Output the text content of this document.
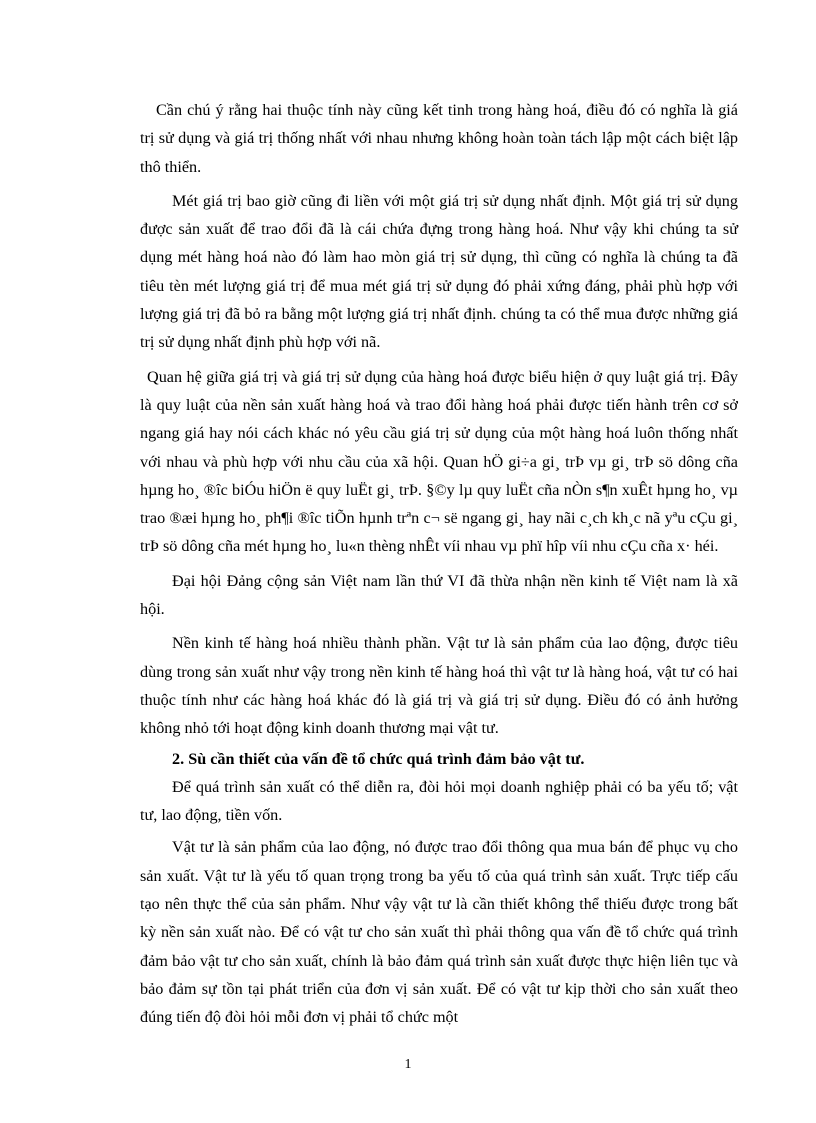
Cần chú ý rằng hai thuộc tính này cũng kết tinh trong hàng hoá, điều đó có nghĩa là giá trị sử dụng và giá trị thống nhất với nhau nhưng không hoàn toàn tách lập một cách biệt lập thô thiển.

Mét giá trị bao giờ cũng đi liền với một giá trị sử dụng nhất định. Một giá trị sử dụng được sản xuất để trao đổi đã là cái chứa đựng trong hàng hoá. Như vậy khi chúng ta sử dụng mét hàng hoá nào đó làm hao mòn giá trị sử dụng, thì cũng có nghĩa là chúng ta đã tiêu tèn mét lượng giá trị để mua mét giá trị sử dụng đó phải xứng đáng, phải phù hợp với lượng giá trị đã bỏ ra bằng một lượng giá trị nhất định. chúng ta có thể mua được những giá trị sử dụng nhất định phù hợp với nã.

Quan hệ giữa giá trị và giá trị sử dụng của hàng hoá được biểu hiện ở quy luật giá trị. Đây là quy luật của nền sản xuất hàng hoá và trao đổi hàng hoá phải được tiến hành trên cơ sở ngang giá hay nói cách khác nó yêu cầu giá trị sử dụng của một hàng hoá luôn thống nhất với nhau và phù hợp với nhu cầu của xã hội. Quan hÖ gi÷a gi¸ trÞ vµ gi¸ trÞ sö dông cña hµng ho¸ ®îc biÓu hiÖn ë quy luËt gi¸ trÞ. §©y lµ quy luËt cña nÒn s¶n xuÊt hµng ho¸ vµ trao ®æi hµng ho¸ ph¶i ®îc tiÕn hµnh trªn c¬ së ngang gi¸ hay nãi c¸ch kh¸c nã yªu cÇu gi¸ trÞ sö dông cña mét hµng ho¸ lu«n thèng nhÊt víi nhau vµ phï hîp víi nhu cÇu cña x· héi.

Đại hội Đảng cộng sản Việt nam lần thứ VI đã thừa nhận nền kinh tế Việt nam là xã hội.

Nền kinh tế hàng hoá nhiều thành phần. Vật tư là sản phẩm của lao động, được tiêu dùng trong sản xuất như vậy trong nền kinh tế hàng hoá thì vật tư là hàng hoá, vật tư có hai thuộc tính như các hàng hoá khác đó là giá trị và giá trị sử dụng. Điều đó có ảnh hưởng không nhỏ tới hoạt động kinh doanh thương mại vật tư.

2. Sù cần thiết của vấn đề tổ chức quá trình đảm bảo vật tư.

Để quá trình sản xuất có thể diễn ra, đòi hỏi mọi doanh nghiệp phải có ba yếu tố; vật tư, lao động, tiền vốn.

Vật tư là sản phẩm của lao động, nó được trao đổi thông qua mua bán để phục vụ cho sản xuất. Vật tư là yếu tố quan trọng trong ba yếu tố của quá trình sản xuất. Trực tiếp cấu tạo nên thực thể của sản phẩm. Như vậy vật tư là cần thiết không thể thiếu được trong bất kỳ nền sản xuất nào. Để có vật tư cho sản xuất thì phải thông qua vấn đề tổ chức quá trình đảm bảo vật tư cho sản xuất, chính là bảo đảm quá trình sản xuất được thực hiện liên tục và bảo đảm sự tồn tại phát triển của đơn vị sản xuất. Để có vật tư kịp thời cho sản xuất theo đúng tiến độ đòi hỏi mỗi đơn vị phải tổ chức một

1
